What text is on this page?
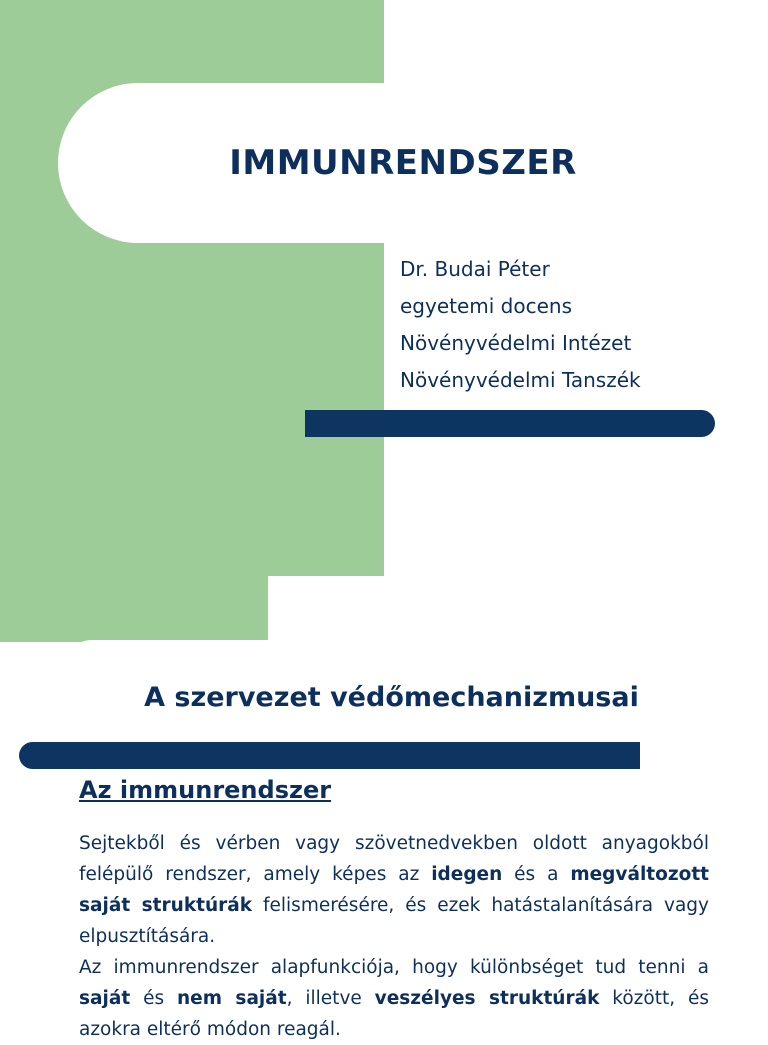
IMMUNRENDSZER
Dr. Budai Péter
egyetemi docens
Növényvédelmi Intézet
Növényvédelmi Tanszék
A szervezet védőmechanizmusai
Az immunrendszer

Sejtekből és vérben vagy szövetnedvekben oldott anyagokból felépülő rendszer, amely képes az idegen és a megváltozott saját struktúrák felismerésére, és ezek hatástalanítására vagy elpusztítására.

Az immunrendszer alapfunkciója, hogy különbséget tud tenni a saját és nem saját, illetve veszélyes struktúrák között, és azokra eltérő módon reagál.
